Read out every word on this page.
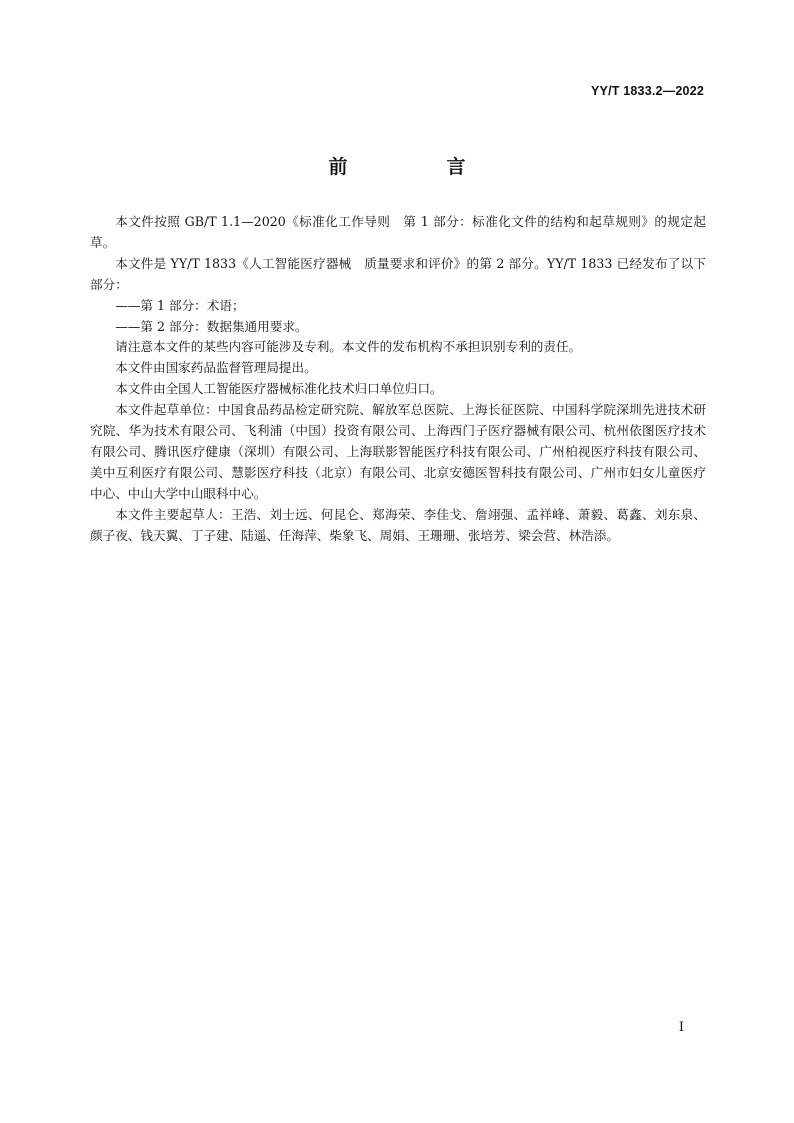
YY/T 1833.2—2022
前　言

本文件按照 GB/T 1.1—2020《标准化工作导则　第 1 部分：标准化文件的结构和起草规则》的规定起草。

本文件是 YY/T 1833《人工智能医疗器械　质量要求和评价》的第 2 部分。YY/T 1833 已经发布了以下部分：

——第 1 部分：术语；

——第 2 部分：数据集通用要求。

请注意本文件的某些内容可能涉及专利。本文件的发布机构不承担识别专利的责任。

本文件由国家药品监督管理局提出。

本文件由全国人工智能医疗器械标准化技术归口单位归口。

本文件起草单位：中国食品药品检定研究院、解放军总医院、上海长征医院、中国科学院深圳先进技术研究院、华为技术有限公司、飞利浦（中国）投资有限公司、上海西门子医疗器械有限公司、杭州依图医疗技术有限公司、腾讯医疗健康（深圳）有限公司、上海联影智能医疗科技有限公司、广州柏视医疗科技有限公司、美中互利医疗有限公司、慧影医疗科技（北京）有限公司、北京安德医智科技有限公司、广州市妇女儿童医疗中心、中山大学中山眼科中心。

本文件主要起草人：王浩、刘士远、何昆仑、郑海荣、李佳戈、詹翊强、孟祥峰、萧毅、葛鑫、刘东泉、颜子夜、钱天翼、丁子建、陆遥、任海萍、柴象飞、周娟、王珊珊、张培芳、梁会营、林浩添。

I
